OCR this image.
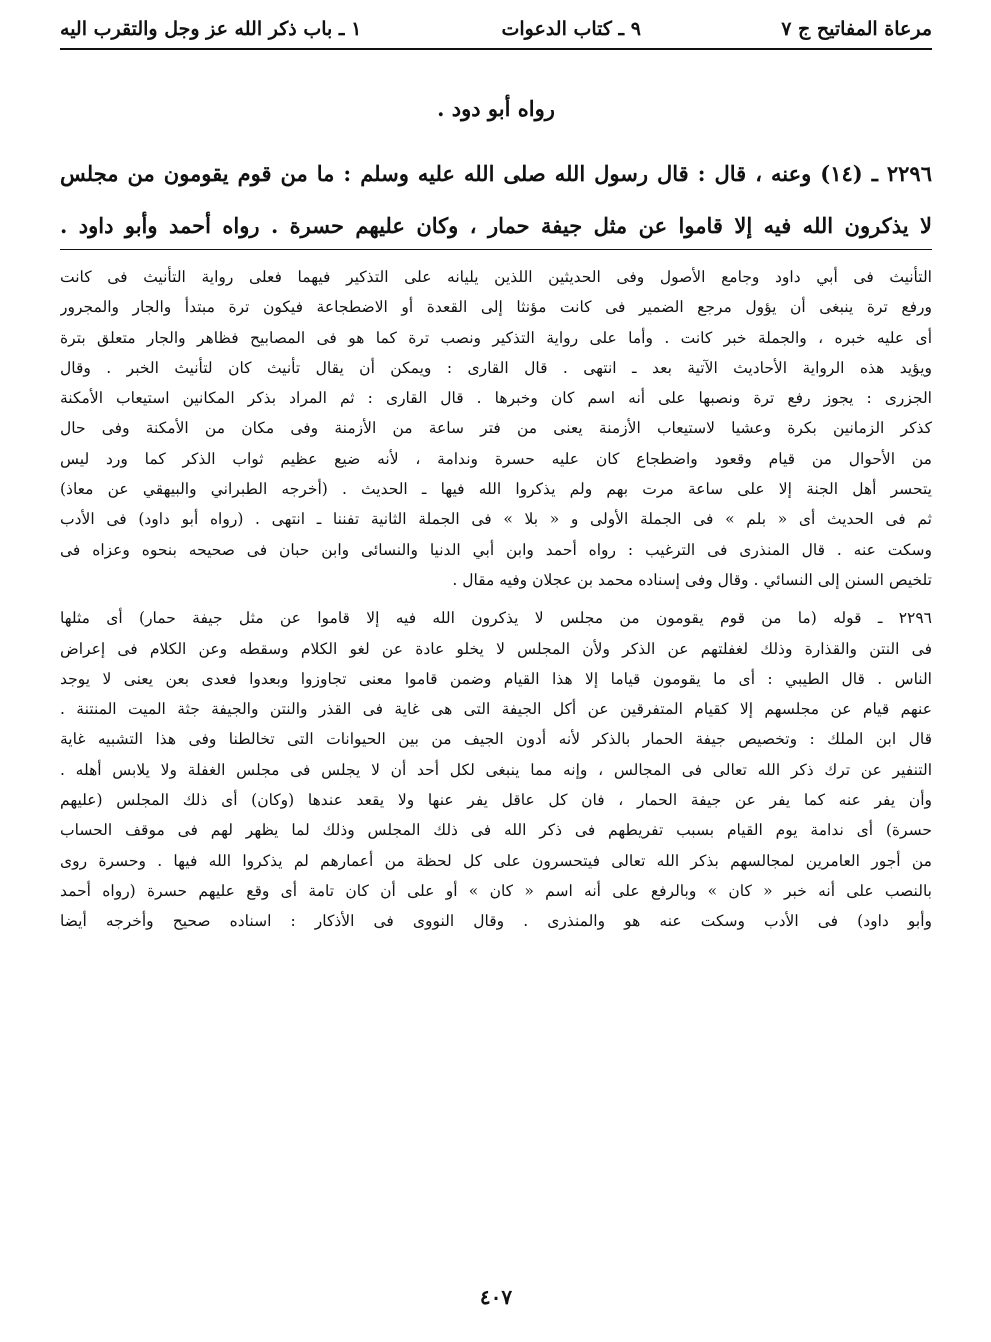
مرعاة المفاتيح ج ٧
٩ ـ كتاب الدعوات
١ ـ باب ذكر الله عز وجل والتقرب اليه
رواه أبو دود .
٢٢٩٦ ـ (١٤) وعنه ، قال : قال رسول الله صلى الله عليه وسلم : ما من قوم يقومون من مجلس
لا يذكرون الله فيه إلا قاموا عن مثل جيفة حمار ، وكان عليهم حسرة . رواه أحمد وأبو داود .
التأنيث فى أبي داود وجامع الأصول وفى الحديثين اللذين يليانه على التذكير فيهما فعلى رواية التأنيث فى كانت
ورفع ترة ينبغى أن يؤول مرجع الضمير فى كانت مؤنثا إلى القعدة أو الاضطجاعة فيكون ترة مبتدأ والجار والمجرور
أى عليه خبره ، والجملة خبر كانت . وأما على رواية التذكير ونصب ترة كما هو فى المصابيح فظاهر والجار متعلق بترة
ويؤيد هذه الرواية الأحاديث الآتية بعد ـ انتهى . قال القارى : ويمكن أن يقال تأنيث كان لتأنيث الخبر . وقال
الجزرى : يجوز رفع ترة ونصبها على أنه اسم كان وخبرها . قال القارى : ثم المراد بذكر المكانين استيعاب الأمكنة
كذكر الزمانين بكرة وعشيا لاستيعاب الأزمنة يعنى من فتر ساعة من الأزمنة وفى مكان من الأمكنة وفى حال
من الأحوال من قيام وقعود واضطجاع كان عليه حسرة وندامة ، لأنه ضيع عظيم ثواب الذكر كما ورد ليس
يتحسر أهل الجنة إلا على ساعة مرت بهم ولم يذكروا الله فيها ـ الحديث . (أخرجه الطبراني والبيهقي عن معاذ)
ثم فى الحديث أى « بلم » فى الجملة الأولى و « بلا » فى الجملة الثانية تفننا ـ انتهى . (رواه أبو داود) فى الأدب
وسكت عنه . قال المنذرى فى الترغيب : رواه أحمد وابن أبي الدنيا والنسائى وابن حبان فى صحيحه بنحوه وعزاه فى
تلخيص السنن إلى النسائي . وقال وفى إسناده محمد بن عجلان وفيه مقال .
٢٢٩٦ ـ قوله (ما من قوم يقومون من مجلس لا يذكرون الله فيه إلا قاموا عن مثل جيفة حمار) أى مثلها
فى النتن والقذارة وذلك لغفلتهم عن الذكر ولأن المجلس لا يخلو عادة عن لغو الكلام وسقطه وعن الكلام فى إعراض
الناس . قال الطيبي : أى ما يقومون قياما إلا هذا القيام وضمن قاموا معنى تجاوزوا وبعدوا فعدى بعن يعنى لا يوجد
عنهم قيام عن مجلسهم إلا كقيام المتفرقين عن أكل الجيفة التى هى غاية فى القذر والنتن والجيفة جثة الميت المنتنة .
قال ابن الملك : وتخصيص جيفة الحمار بالذكر لأنه أدون الجيف من بين الحيوانات التى تخالطنا وفى هذا التشبيه غاية
التنفير عن ترك ذكر الله تعالى فى المجالس ، وإنه مما ينبغى لكل أحد أن لا يجلس فى مجلس الغفلة ولا يلابس أهله .
وأن يفر عنه كما يفر عن جيفة الحمار ، فان كل عاقل يفر عنها ولا يقعد عندها (وكان) أى ذلك المجلس (عليهم
حسرة) أى ندامة يوم القيام بسبب تفريطهم فى ذكر الله فى ذلك المجلس وذلك لما يظهر لهم فى موقف الحساب
من أجور العامرين لمجالسهم بذكر الله تعالى فيتحسرون على كل لحظة من أعمارهم لم يذكروا الله فيها . وحسرة روى
بالنصب على أنه خبر « كان » وبالرفع على أنه اسم « كان » أو على أن كان تامة أى وقع عليهم حسرة (رواه أحمد
وأبو داود) فى الأدب وسكت عنه هو والمنذرى . وقال النووى فى الأذكار : اسناده صحيح وأخرجه أيضا
٤٠٧
